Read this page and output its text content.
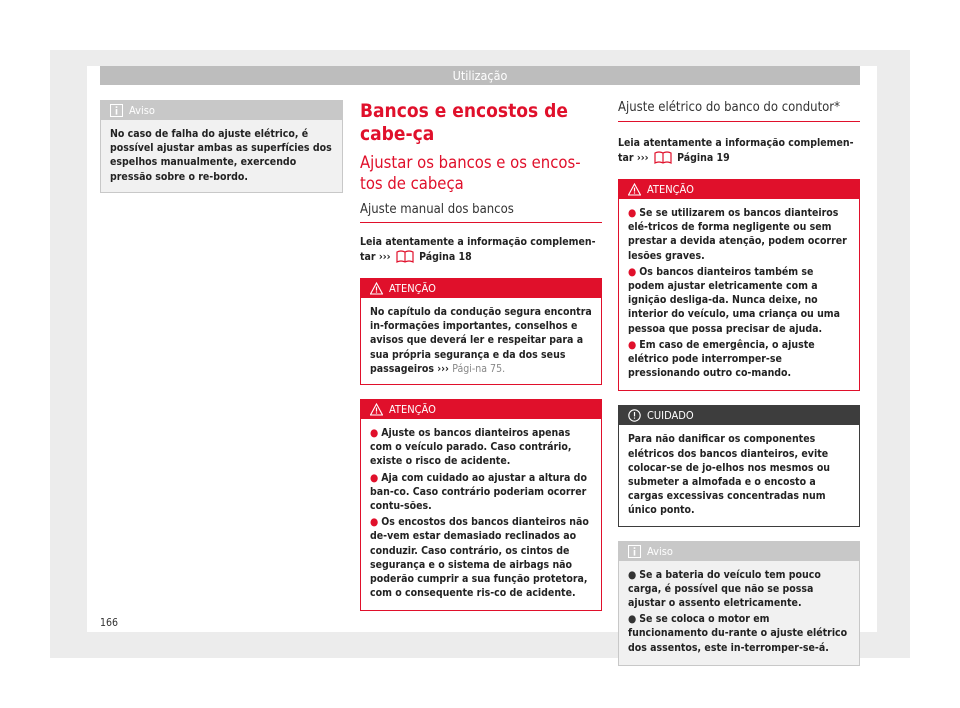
Utilização
Aviso

No caso de falha do ajuste elétrico, é possível ajustar ambas as superfícies dos espelhos manualmente, exercendo pressão sobre o re-bordo.

Bancos e encostos de cabe-ça
Ajustar os bancos e os encos-tos de cabeça
Ajuste manual dos bancos
Leia atentamente a informação complemen-tar ›››	Página 18
ATENÇÃO

No capítulo da condução segura encontra in-formações importantes, conselhos e avisos que deverá ler e respeitar para a sua própria segurança e da dos seus passageiros ››› Pági-na 75.

ATENÇÃO

● Ajuste os bancos dianteiros apenas com o veículo parado. Caso contrário, existe o risco de acidente.

● Aja com cuidado ao ajustar a altura do ban-co. Caso contrário poderiam ocorrer contu-sões.

● Os encostos dos bancos dianteiros não de-vem estar demasiado reclinados ao conduzir. Caso contrário, os cintos de segurança e o sistema de airbags não poderão cumprir a sua função protetora, com o consequente ris-co de acidente.

Ajuste elétrico do banco do condutor*
Leia atentamente a informação complemen-tar ›››	Página 19
ATENÇÃO

● Se se utilizarem os bancos dianteiros elé-tricos de forma negligente ou sem prestar a devida atenção, podem ocorrer lesões graves.

● Os bancos dianteiros também se podem ajustar eletricamente com a ignição desliga-da. Nunca deixe, no interior do veículo, uma criança ou uma pessoa que possa precisar de ajuda.

● Em caso de emergência, o ajuste elétrico pode interromper-se pressionando outro co-mando.

CUIDADO

Para não danificar os componentes elétricos dos bancos dianteiros, evite colocar-se de jo-elhos nos mesmos ou submeter a almofada e o encosto a cargas excessivas concentradas num único ponto.

Aviso

● Se a bateria do veículo tem pouco carga, é possível que não se possa ajustar o assento eletricamente.

● Se se coloca o motor em funcionamento du-rante o ajuste elétrico dos assentos, este in-terromper-se-á.

166
